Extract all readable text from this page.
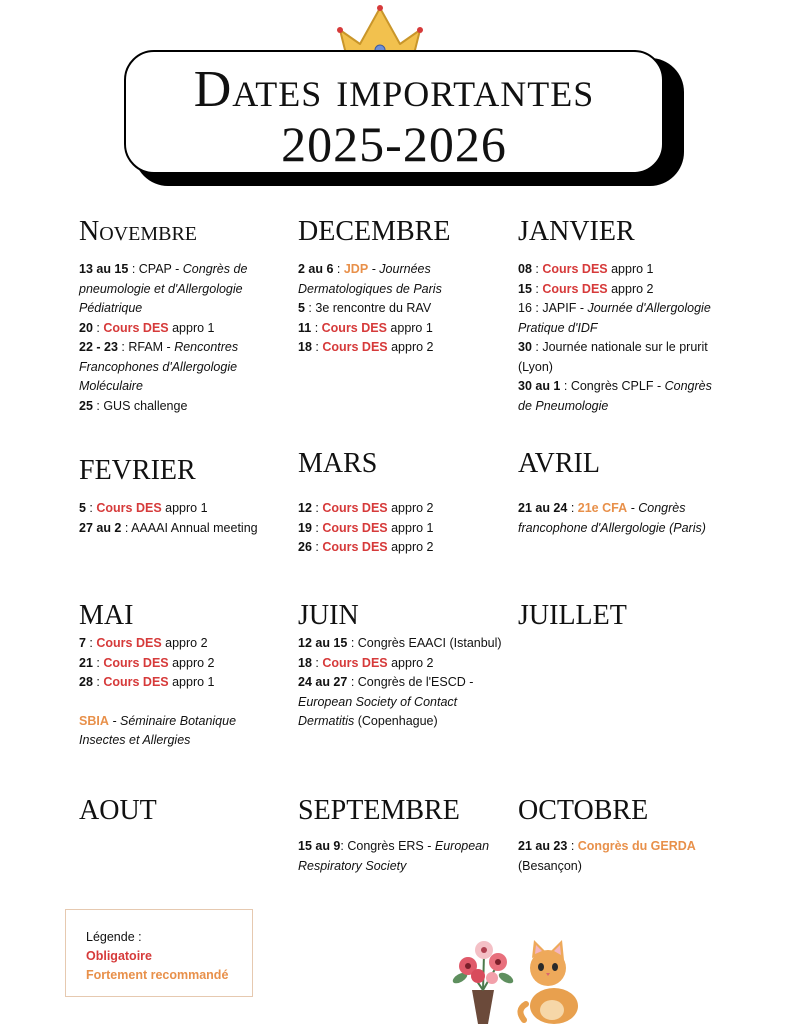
Dates importantes
2025-2026
Novembre

13 au 15 : CPAP - Congrès de pneumologie et d'Allergologie Pédiatrique

20 : Cours DES appro 1

22 - 23 : RFAM - Rencontres Francophones d'Allergologie Moléculaire

25 : GUS challenge

DECEMBRE

2 au 6 : JDP - Journées Dermatologiques de Paris

5 : 3e rencontre du RAV

11 : Cours DES appro 1

18 : Cours DES appro 2

JANVIER

08 : Cours DES appro 1

15 : Cours DES appro 2

16 : JAPIF - Journée d'Allergologie Pratique d'IDF

30 : Journée nationale sur le prurit (Lyon)

30 au 1 : Congrès CPLF - Congrès de Pneumologie

FEVRIER

5 : Cours DES appro 1

27 au 2 : AAAAI Annual meeting

MARS

12 : Cours DES appro 2

19 : Cours DES appro 1

26 : Cours DES appro 2

AVRIL

21 au 24 : 21e CFA - Congrès francophone d'Allergologie (Paris)

MAI

7 : Cours DES appro 2

21 : Cours DES appro 2

28 : Cours DES appro 1

SBIA - Séminaire Botanique Insectes et Allergies

JUIN

12 au 15 : Congrès EAACI (Istanbul)

18 : Cours DES appro 2

24 au 27 : Congrès de l'ESCD - European Society of Contact Dermatitis (Copenhague)

JUILLET
AOUT	SEPTEMBRE

15 au 9: Congrès ERS - European Respiratory Society

OCTOBRE

21 au 23 : Congrès du GERDA (Besançon)

Légende :
Obligatoire
Fortement recommandé
